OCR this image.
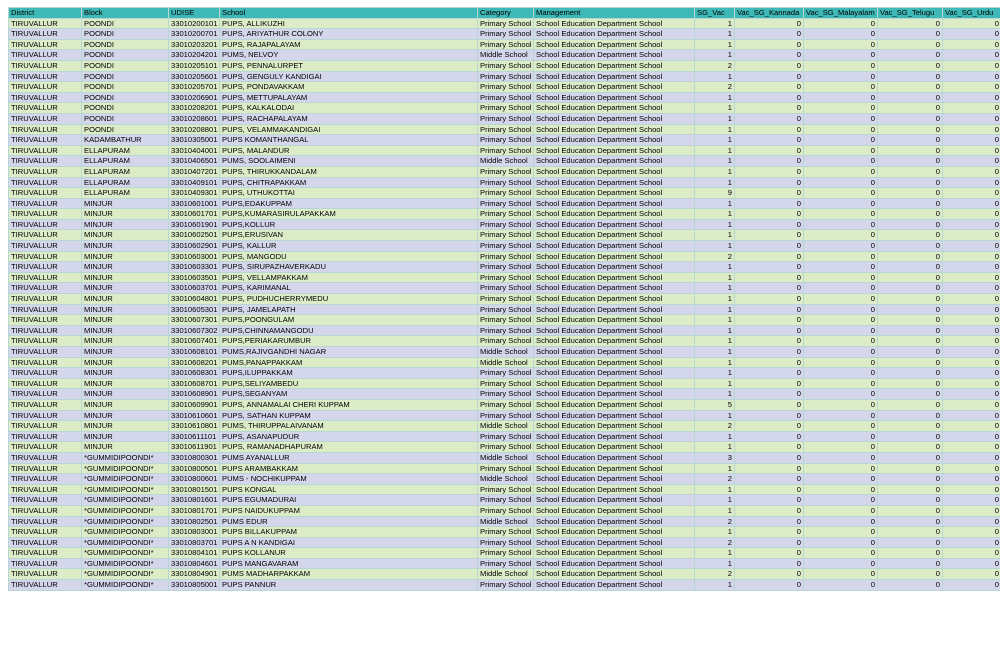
District	Block	UDISE	School	Category	Management	SG_Vac	Vac_SG_Kannada	Vac_SG_Malayalam	Vac_SG_Telugu	Vac_SG_Urdu
TIRUVALLUR	POONDI	33010200101	PUPS, ALLIKUZHI	Primary School	School Education Department School	1	0	0	0	0
TIRUVALLUR	POONDI	33010200701	PUPS, ARIYATHUR COLONY	Primary School	School Education Department School	1	0	0	0	0
TIRUVALLUR	POONDI	33010203201	PUPS, RAJAPALAYAM	Primary School	School Education Department School	1	0	0	0	0
TIRUVALLUR	POONDI	33010204201	PUMS, NELVOY	Middle School	School Education Department School	1	0	0	0	0
TIRUVALLUR	POONDI	33010205101	PUPS, PENNALURPET	Primary School	School Education Department School	2	0	0	0	0
TIRUVALLUR	POONDI	33010205601	PUPS, GENGULY KANDIGAI	Primary School	School Education Department School	1	0	0	0	0
TIRUVALLUR	POONDI	33010205701	PUPS, PONDAVAKKAM	Primary School	School Education Department School	2	0	0	0	0
TIRUVALLUR	POONDI	33010206901	PUPS, METTUPALAYAM	Primary School	School Education Department School	1	0	0	0	0
TIRUVALLUR	POONDI	33010208201	PUPS, KALKALODAI	Primary School	School Education Department School	1	0	0	0	0
TIRUVALLUR	POONDI	33010208601	PUPS, RACHAPALAYAM	Primary School	School Education Department School	1	0	0	0	0
TIRUVALLUR	POONDI	33010208801	PUPS, VELAMMAKANDIGAI	Primary School	School Education Department School	1	0	0	0	0
TIRUVALLUR	KADAMBATHUR	33010305001	PUPS KOMANTHANGAL	Primary School	School Education Department School	1	0	0	0	0
TIRUVALLUR	ELLAPURAM	33010404001	PUPS, MALANDUR	Primary School	School Education Department School	1	0	0	0	0
TIRUVALLUR	ELLAPURAM	33010406501	PUMS, SOOLAIMENI	Middle School	School Education Department School	1	0	0	0	0
TIRUVALLUR	ELLAPURAM	33010407201	PUPS, THIRUKKANDALAM	Primary School	School Education Department School	1	0	0	0	0
TIRUVALLUR	ELLAPURAM	33010409101	PUPS, CHITRAPAKKAM	Primary School	School Education Department School	1	0	0	0	0
TIRUVALLUR	ELLAPURAM	33010409301	PUPS, UTHUKOTTAI	Primary School	School Education Department School	9	0	0	0	0
TIRUVALLUR	MINJUR	33010601001	PUPS,EDAKUPPAM	Primary School	School Education Department School	1	0	0	0	0
TIRUVALLUR	MINJUR	33010601701	PUPS,KUMARASIRULAPAKKAM	Primary School	School Education Department School	1	0	0	0	0
TIRUVALLUR	MINJUR	33010601901	PUPS,KOLLUR	Primary School	School Education Department School	1	0	0	0	0
TIRUVALLUR	MINJUR	33010602501	PUPS,ERUSIVAN	Primary School	School Education Department School	1	0	0	0	0
TIRUVALLUR	MINJUR	33010602901	PUPS, KALLUR	Primary School	School Education Department School	1	0	0	0	0
TIRUVALLUR	MINJUR	33010603001	PUPS, MANGODU	Primary School	School Education Department School	2	0	0	0	0
TIRUVALLUR	MINJUR	33010603301	PUPS, SIRUPAZHAVERKADU	Primary School	School Education Department School	1	0	0	0	0
TIRUVALLUR	MINJUR	33010603501	PUPS, VELLAMPAKKAM	Primary School	School Education Department School	1	0	0	0	0
TIRUVALLUR	MINJUR	33010603701	PUPS, KARIMANAL	Primary School	School Education Department School	1	0	0	0	0
TIRUVALLUR	MINJUR	33010604801	PUPS, PUDHUCHERRYMEDU	Primary School	School Education Department School	1	0	0	0	0
TIRUVALLUR	MINJUR	33010605301	PUPS, JAMELAPATH	Primary School	School Education Department School	1	0	0	0	0
TIRUVALLUR	MINJUR	33010607301	PUPS,POONGULAM	Primary School	School Education Department School	1	0	0	0	0
TIRUVALLUR	MINJUR	33010607302	PUPS,CHINNAMANGODU	Primary School	School Education Department School	1	0	0	0	0
TIRUVALLUR	MINJUR	33010607401	PUPS,PERIAKARUMBUR	Primary School	School Education Department School	1	0	0	0	0
TIRUVALLUR	MINJUR	33010608101	PUMS,RAJIVGANDHI NAGAR	Middle School	School Education Department School	1	0	0	0	0
TIRUVALLUR	MINJUR	33010608201	PUMS,PANAPPAKKAM	Middle School	School Education Department School	1	0	0	0	0
TIRUVALLUR	MINJUR	33010608301	PUPS,ILUPPAKKAM	Primary School	School Education Department School	1	0	0	0	0
TIRUVALLUR	MINJUR	33010608701	PUPS,SELIYAMBEDU	Primary School	School Education Department School	1	0	0	0	0
TIRUVALLUR	MINJUR	33010608901	PUPS,SEGANYAM	Primary School	School Education Department School	1	0	0	0	0
TIRUVALLUR	MINJUR	33010609901	PUPS, ANNAMALAI CHERI KUPPAM	Primary School	School Education Department School	5	0	0	0	0
TIRUVALLUR	MINJUR	33010610601	PUPS, SATHAN KUPPAM	Primary School	School Education Department School	1	0	0	0	0
TIRUVALLUR	MINJUR	33010610801	PUMS, THIRUPPALAIVANAM	Middle School	School Education Department School	2	0	0	0	0
TIRUVALLUR	MINJUR	33010611101	PUPS, ASANAPUDUR	Primary School	School Education Department School	1	0	0	0	0
TIRUVALLUR	MINJUR	33010611901	PUPS, RAMANADHAPURAM	Primary School	School Education Department School	1	0	0	0	0
TIRUVALLUR	*GUMMIDIPOONDI*	33010800301	PUMS AYANALLUR	Middle School	School Education Department School	3	0	0	0	0
TIRUVALLUR	*GUMMIDIPOONDI*	33010800501	PUPS ARAMBAKKAM	Primary School	School Education Department School	1	0	0	0	0
TIRUVALLUR	*GUMMIDIPOONDI*	33010800601	PUMS - NOCHIKUPPAM	Middle School	School Education Department School	2	0	0	0	0
TIRUVALLUR	*GUMMIDIPOONDI*	33010801501	PUPS KONGAL	Primary School	School Education Department School	1	0	0	0	0
TIRUVALLUR	*GUMMIDIPOONDI*	33010801601	PUPS EGUMADURAI	Primary School	School Education Department School	1	0	0	0	0
TIRUVALLUR	*GUMMIDIPOONDI*	33010801701	PUPS NAIDUKUPPAM	Primary School	School Education Department School	1	0	0	0	0
TIRUVALLUR	*GUMMIDIPOONDI*	33010802501	PUMS EDUR	Middle School	School Education Department School	2	0	0	0	0
TIRUVALLUR	*GUMMIDIPOONDI*	33010803001	PUPS BILLAKUPPAM	Primary School	School Education Department School	1	0	0	0	0
TIRUVALLUR	*GUMMIDIPOONDI*	33010803701	PUPS A N KANDIGAI	Primary School	School Education Department School	2	0	0	0	0
TIRUVALLUR	*GUMMIDIPOONDI*	33010804101	PUPS KOLLANUR	Primary School	School Education Department School	1	0	0	0	0
TIRUVALLUR	*GUMMIDIPOONDI*	33010804601	PUPS MANGAVARAM	Primary School	School Education Department School	1	0	0	0	0
TIRUVALLUR	*GUMMIDIPOONDI*	33010804901	PUMS MADHARPAKKAM	Middle School	School Education Department School	2	0	0	0	0
TIRUVALLUR	*GUMMIDIPOONDI*	33010805001	PUPS PANNUR	Primary School	School Education Department School	1	0	0	0	0
